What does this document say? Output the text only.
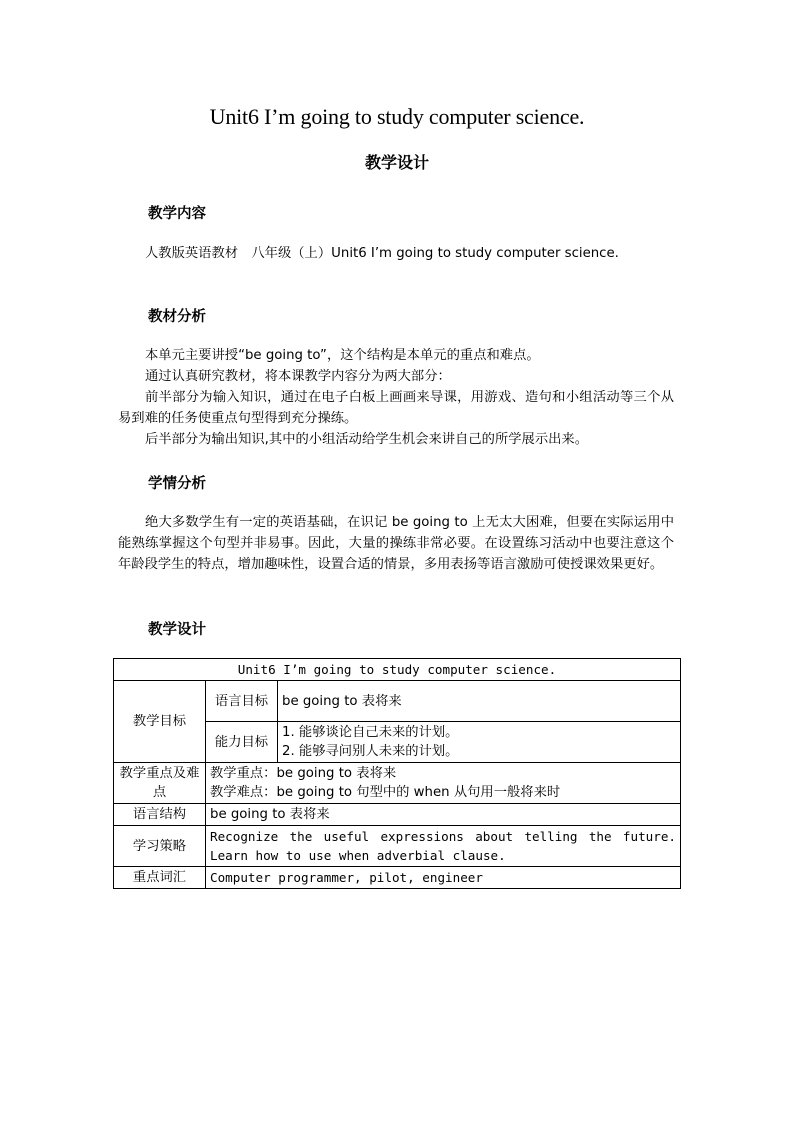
Unit6 I’m going to study computer science.
教学设计
教学内容

人教版英语教材　八年级（上）Unit6 I’m going to study computer science.

教材分析

本单元主要讲授“be going to”，这个结构是本单元的重点和难点。

通过认真研究教材，将本课教学内容分为两大部分：

前半部分为输入知识，通过在电子白板上画画来导课，用游戏、造句和小组活动等三个从易到难的任务使重点句型得到充分操练。

后半部分为输出知识,其中的小组活动给学生机会来讲自己的所学展示出来。

学情分析

绝大多数学生有一定的英语基础，在识记 be going to 上无太大困难，但要在实际运用中能熟练掌握这个句型并非易事。因此，大量的操练非常必要。在设置练习活动中也要注意这个年龄段学生的特点，增加趣味性，设置合适的情景，多用表扬等语言激励可使授课效果更好。

教学设计
Unit6 I’m going to study computer science.		
教学目标	语言目标	be going to 表将来
	能力目标	1. 能够谈论自己未来的计划。
2. 能够寻问别人未来的计划。

教学重点及难点	教学重点：be going to 表将来
教学难点：be going to 句型中的 when 从句用一般将来时	

语言结构	be going to 表将来	
学习策略	Recognize the useful expressions about telling the future.
Learn how to use when adverbial clause.	

重点词汇	Computer programmer, pilot, engineer	
